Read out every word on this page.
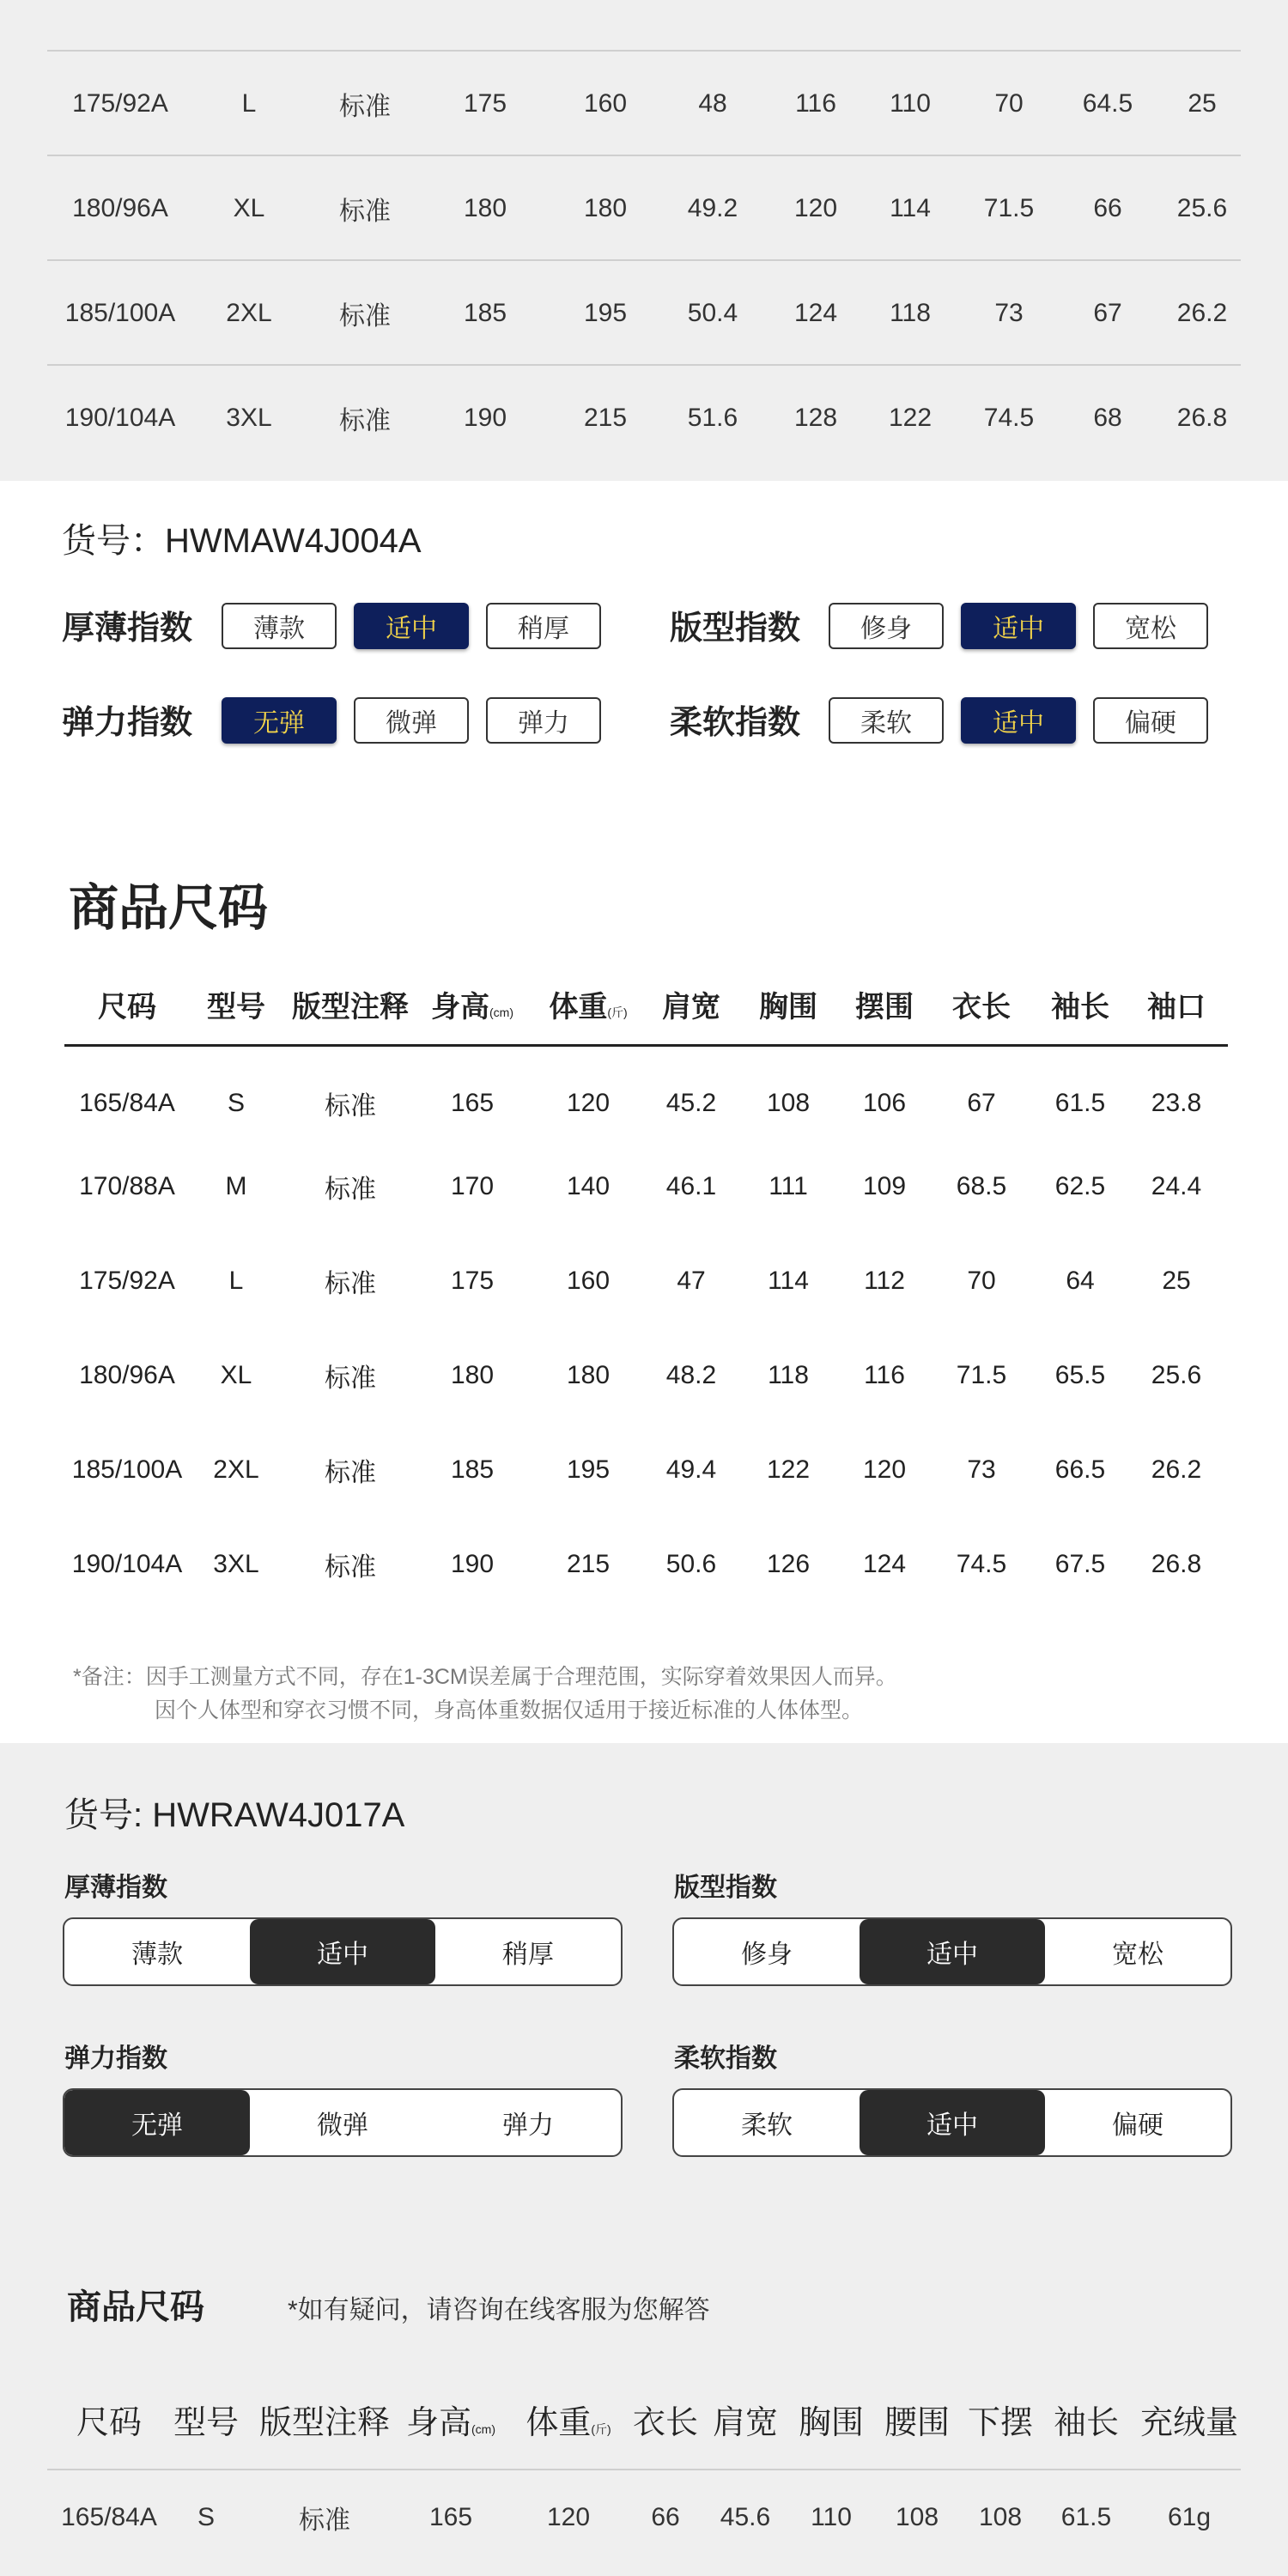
175/92A	L	标准	175	160	48	116	110	70	64.5	25
180/96A	XL	标准	180	180	49.2	120	114	71.5	66	25.6
185/100A	2XL	标准	185	195	50.4	124	118	73	67	26.2
190/104A	3XL	标准	190	215	51.6	128	122	74.5	68	26.8
货号：HWMAW4J004A
厚薄指数	薄款	适中	稍厚	版型指数	修身	适中	宽松
弹力指数	无弹	微弹	弹力	柔软指数	柔软	适中	偏硬
商品尺码
尺码 型号 版型注释 身高 (cm) 体重 (斤) 肩宽 胸围 摆围 衣长 袖长 袖口
165/84A	S	标准	165	120	45.2	108	106	67	61.5	23.8
170/88A	M	标准	170	140	46.1	111	109	68.5	62.5	24.4
175/92A	L	标准	175	160	47	114	112	70	64	25
180/96A	XL	标准	180	180	48.2	118	116	71.5	65.5	25.6
185/100A	2XL	标准	185	195	49.4	122	120	73	66.5	26.2
190/104A	3XL	标准	190	215	50.6	126	124	74.5	67.5	26.8
*备注：因手工测量方式不同，存在1-3CM误差属于合理范围，实际穿着效果因人而异。
因个人体型和穿衣习惯不同，身高体重数据仅适用于接近标准的人体体型。
货号: HWRAW4J017A
厚薄指数
薄款	适中	稍厚
版型指数
修身	适中	宽松
弹力指数
无弹	微弹	弹力
柔软指数
柔软	适中	偏硬
商品尺码	*如有疑问，请咨询在线客服为您解答
尺码 型号 版型注释 身高 (cm) 体重 (斤) 衣长 肩宽 胸围 腰围 下摆 袖长 充绒量
165/84A	S	标准	165	120	66	45.6	110	108	108	61.5	61g
